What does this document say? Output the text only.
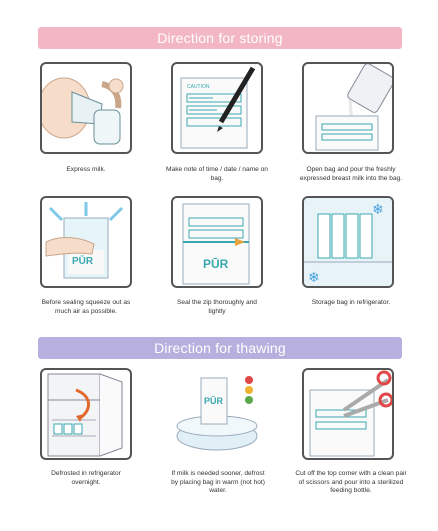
Direction for storing
Express milk.
CAUTION
Make note of time / date / name on bag.
Open bag and pour the freshly expressed breast milk into the bag.
PŪR
Before sealing squeeze out as much air as possible.
PŪR
Seal the zip thoroughly and tightly
❄
❄
Storage bag in refrigerator.
Direction for thawing
Defrosted in refrigerator overnight.
PŪR
If milk is needed sooner, defrost by placing bag in warm (not hot) water.
Cut off the top corner with a clean pair of scissors and pour into a sterilized feeding bottle.
